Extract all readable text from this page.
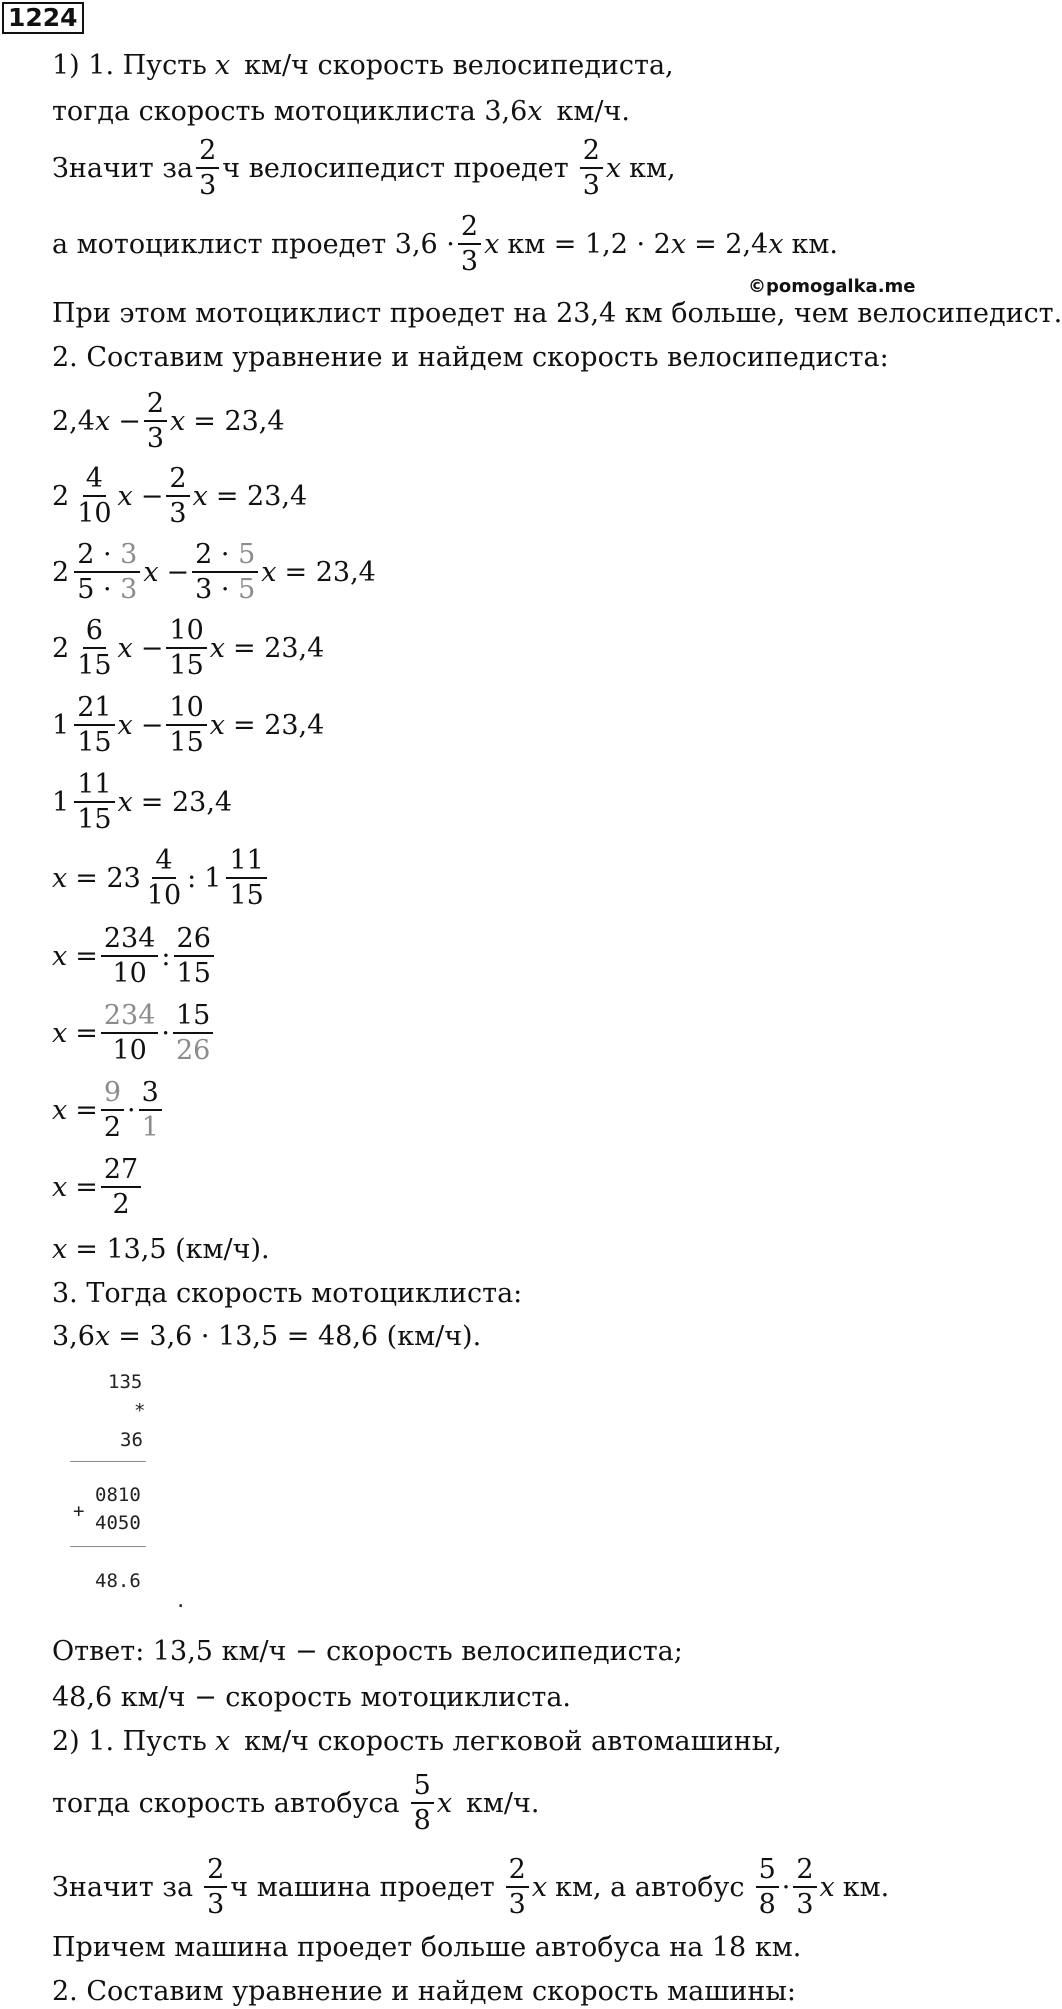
1224
1) 1. Пусть x км/ч скорость велосипедиста,
тогда скорость мотоциклиста 3,6 x км/ч.
Значит за $\frac{2}{3}$ ч велосипедист проедет $\frac{2}{3}$ x км,
а мотоциклист проедет $3,6 \cdot \frac{2}{3}$ x км = 1,2 · 2 x = 2,4 x км.
©pomogalka.me
При этом мотоциклист проедет на 23,4 км больше, чем велосипедист.
2. Составим уравнение и найдем скорость велосипедиста:
2,4 $x - \frac{2}{3}$ x = 23,4
$2 \frac{4}{10}$ $x - \frac{2}{3}$ x = 23,4
$2 \frac{2 \cdot 3}{5 \cdot 3}$ $x - \frac{2 \cdot 5}{3 \cdot 5}$ x = 23,4
$2 \frac{6}{15}$ $x - \frac{10}{15}$ x = 23,4
$1 \frac{21}{15}$ $x - \frac{10}{15}$ x = 23,4
$1 \frac{11}{15}$ x = 23,4
$x = 23 \frac{4}{10}$ : $1 \frac{11}{15}$
$x = \frac{234}{10}$ : $\frac{26}{15}$
$x = \frac{234}{10} \cdot \frac{15}{26}$
$x = \frac{9}{2} \cdot \frac{3}{1}$
$x = \frac{27}{2}$
x = 13,5 (км/ч).
3. Тогда скорость мотоциклиста:
3,6 x = 3,6 · 13,5 = 48,6 (км/ч).
135
*
36
0810
+
4050
48.6
.
Ответ: 13,5 км/ч − скорость велосипедиста;
48,6 км/ч − скорость мотоциклиста.
2) 1. Пусть x км/ч скорость легковой автомашины,
тогда скорость автобуса $\frac{5}{8}$ x км/ч.
Значит за $\frac{2}{3}$ ч машина проедет $\frac{2}{3}$ x км, а автобус $\frac{5}{8} \cdot \frac{2}{3}$ x км.
Причем машина проедет больше автобуса на 18 км.
2. Составим уравнение и найдем скорость машины:
